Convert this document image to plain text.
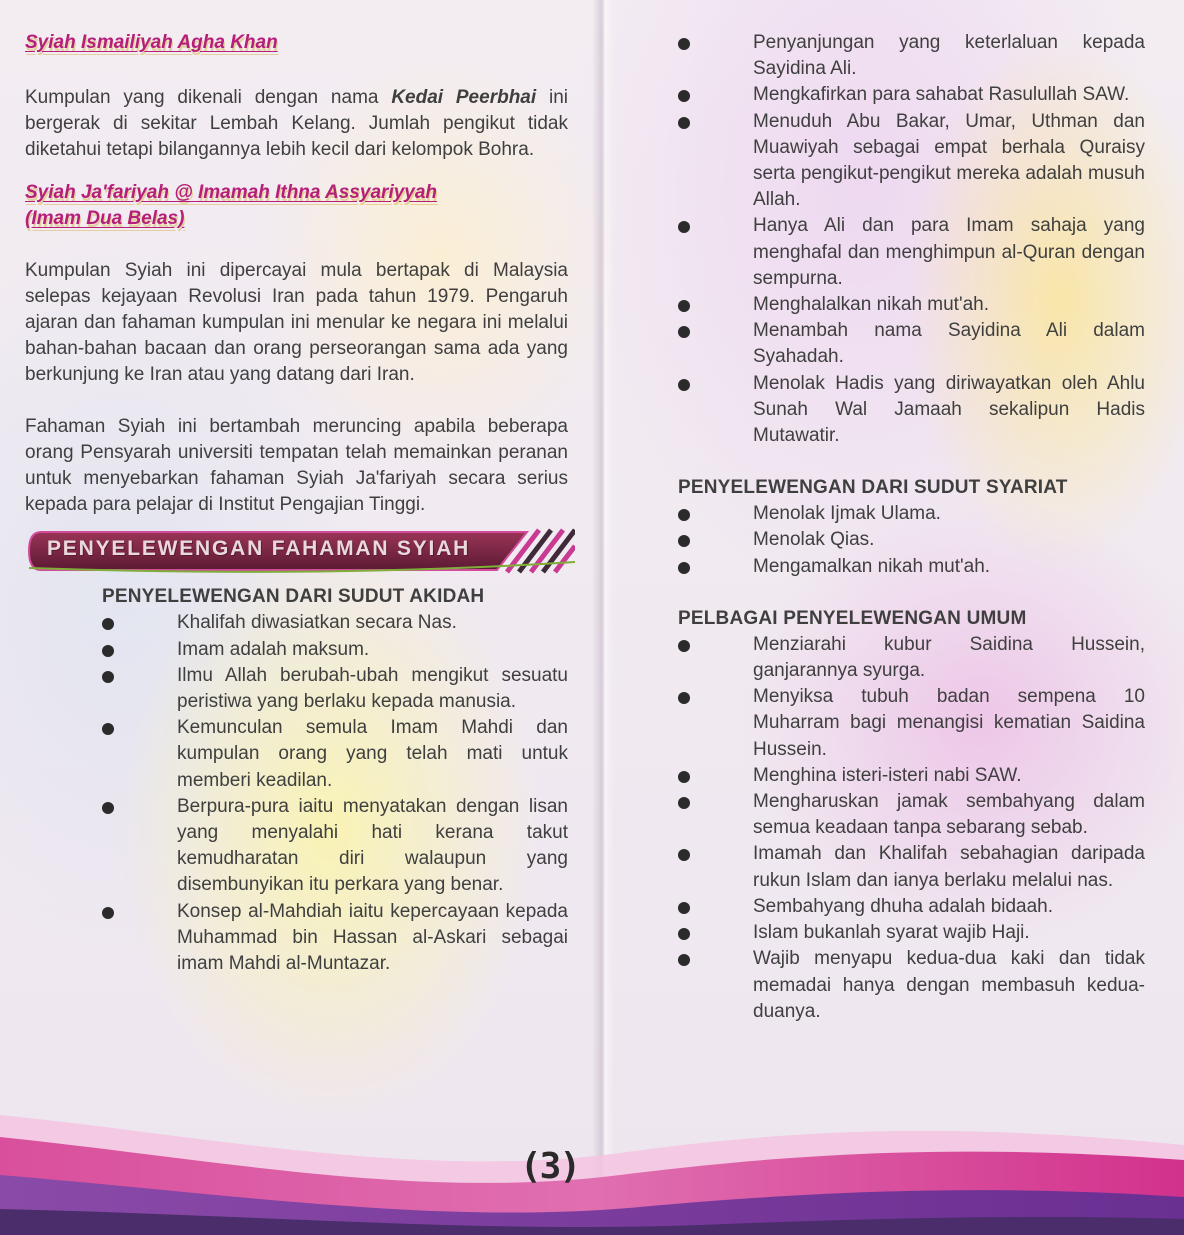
Syiah Ismailiyah Agha Khan

Kumpulan yang dikenali dengan nama Kedai Peerbhai ini bergerak di sekitar Lembah Kelang. Jumlah pengikut tidak diketahui tetapi bilangannya lebih kecil dari kelompok Bohra.

Syiah Ja'fariyah @ Imamah Ithna Assyariyyah
(Imam Dua Belas)

Kumpulan Syiah ini dipercayai mula bertapak di Malaysia selepas kejayaan Revolusi Iran pada tahun 1979. Pengaruh ajaran dan fahaman kumpulan ini menular ke negara ini melalui bahan-bahan bacaan dan orang perseorangan sama ada yang berkunjung ke Iran atau yang datang dari Iran.

Fahaman Syiah ini bertambah meruncing apabila beberapa orang Pensyarah universiti tempatan telah memainkan peranan untuk menyebarkan fahaman Syiah Ja'fariyah secara serius kepada para pelajar di Institut Pengajian Tinggi.

PENYELEWENGAN FAHAMAN SYIAH
PENYELEWENGAN DARI SUDUT AKIDAH
Khalifah diwasiatkan secara Nas.
Imam adalah maksum.
Ilmu Allah berubah-ubah mengikut sesuatu peristiwa yang berlaku kepada manusia.
Kemunculan semula Imam Mahdi dan kumpulan orang yang telah mati untuk memberi keadilan.
Berpura-pura iaitu menyatakan dengan lisan yang menyalahi hati kerana takut kemudharatan diri walaupun yang disembunyikan itu perkara yang benar.
Konsep al-Mahdiah iaitu kepercayaan kepada Muhammad bin Hassan al-Askari sebagai imam Mahdi al-Muntazar.
Penyanjungan yang keterlaluan kepada Sayidina Ali.
Mengkafirkan para sahabat Rasulullah SAW.
Menuduh Abu Bakar, Umar, Uthman dan Muawiyah sebagai empat berhala Quraisy serta pengikut-pengikut mereka adalah musuh Allah.
Hanya Ali dan para Imam sahaja yang menghafal dan menghimpun al-Quran dengan sempurna.
Menghalalkan nikah mut'ah.
Menambah nama Sayidina Ali dalam Syahadah.
Menolak Hadis yang diriwayatkan oleh Ahlu Sunah Wal Jamaah sekalipun Hadis Mutawatir.
PENYELEWENGAN DARI SUDUT SYARIAT
Menolak Ijmak Ulama.
Menolak Qias.
Mengamalkan nikah mut'ah.
PELBAGAI PENYELEWENGAN UMUM
Menziarahi kubur Saidina Hussein, ganjarannya syurga.
Menyiksa tubuh badan sempena 10 Muharram bagi menangisi kematian Saidina Hussein.
Menghina isteri-isteri nabi SAW.
Mengharuskan jamak sembahyang dalam semua keadaan tanpa sebarang sebab.
Imamah dan Khalifah sebahagian daripada rukun Islam dan ianya berlaku melalui nas.
Sembahyang dhuha adalah bidaah.
Islam bukanlah syarat wajib Haji.
Wajib menyapu kedua-dua kaki dan tidak memadai hanya dengan membasuh kedua-duanya.
(3)
